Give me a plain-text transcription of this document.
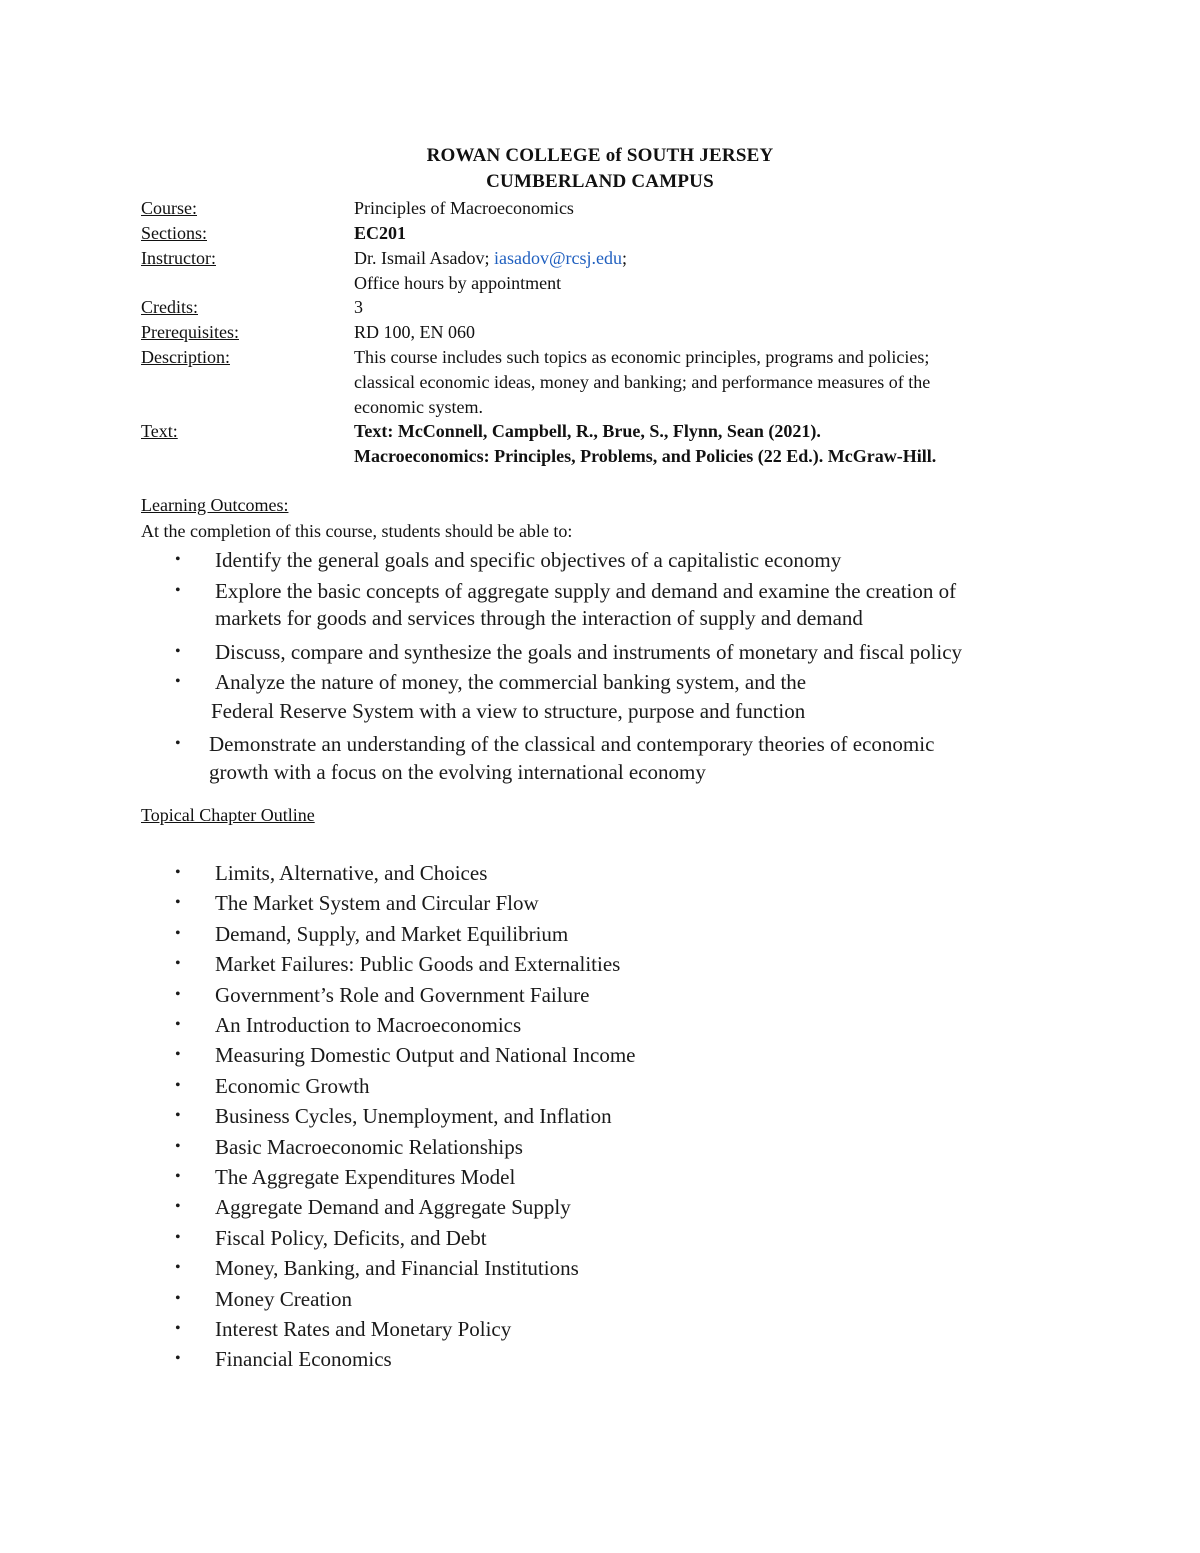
ROWAN COLLEGE of SOUTH JERSEY
CUMBERLAND CAMPUS
Course:	Principles of Macroeconomics
Sections:	EC201
Instructor:	Dr. Ismail Asadov; iasadov@rcsj.edu;
Office hours by appointment
Credits:	3
Prerequisites:	RD 100, EN 060
Description:	This course includes such topics as economic principles, programs and policies;
classical economic ideas, money and banking; and performance measures of the
economic system.
Text:	Text: McConnell, Campbell, R., Brue, S., Flynn, Sean (2021).
Macroeconomics: Principles, Problems, and Policies (22 Ed.). McGraw-Hill.
Learning Outcomes:
At the completion of this course, students should be able to:
• Identify the general goals and specific objectives of a capitalistic economy
• Explore the basic concepts of aggregate supply and demand and examine the creation of
markets for goods and services through the interaction of supply and demand
• Discuss, compare and synthesize the goals and instruments of monetary and fiscal policy
• Analyze the nature of money, the commercial banking system, and the
Federal Reserve System with a view to structure, purpose and function
• Demonstrate an understanding of the classical and contemporary theories of economic
growth with a focus on the evolving international economy
Topical Chapter Outline
• Limits, Alternative, and Choices
• The Market System and Circular Flow
• Demand, Supply, and Market Equilibrium
• Market Failures: Public Goods and Externalities
• Government’s Role and Government Failure
• An Introduction to Macroeconomics
• Measuring Domestic Output and National Income
• Economic Growth
• Business Cycles, Unemployment, and Inflation
• Basic Macroeconomic Relationships
• The Aggregate Expenditures Model
• Aggregate Demand and Aggregate Supply
• Fiscal Policy, Deficits, and Debt
• Money, Banking, and Financial Institutions
• Money Creation
• Interest Rates and Monetary Policy
• Financial Economics
